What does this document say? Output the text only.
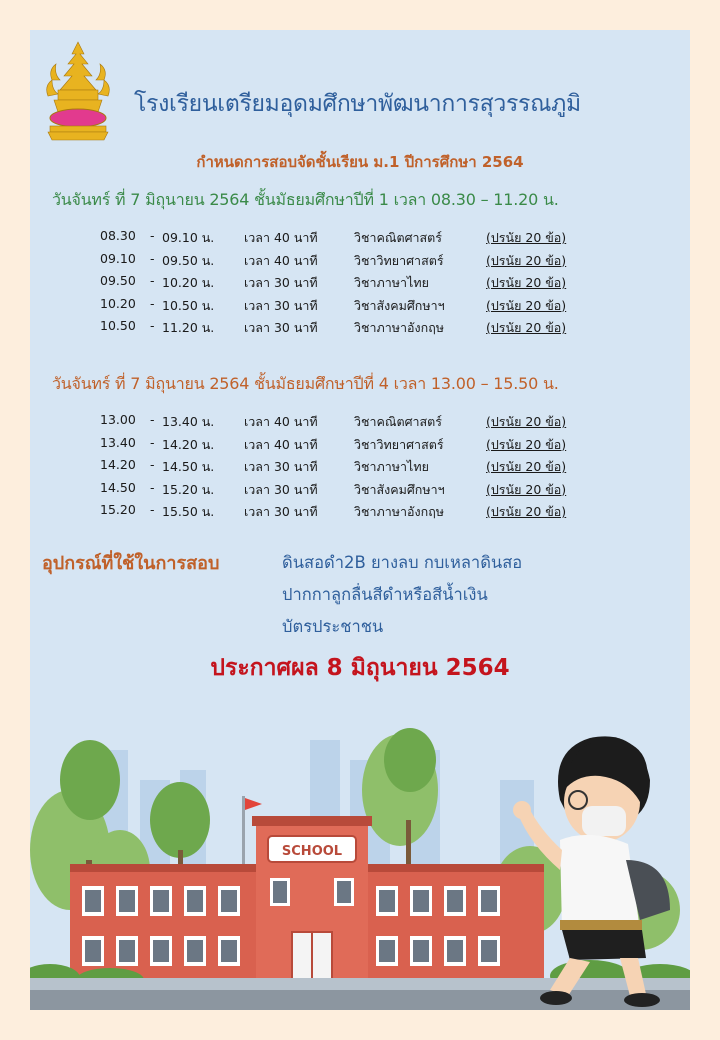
โรงเรียนเตรียมอุดมศึกษาพัฒนาการสุวรรณภูมิ
กำหนดการสอบจัดชั้นเรียน ม.1 ปีการศึกษา 2564
วันจันทร์ ที่ 7 มิถุนายน 2564 ชั้นมัธยมศึกษาปีที่ 1 เวลา 08.30 – 11.20 น.
08.30 - 09.10 น. เวลา 40 นาที	วิชาคณิตศาสตร์	(ปรนัย 20 ข้อ)
09.10 - 09.50 น. เวลา 40 นาที	วิชาวิทยาศาสตร์	(ปรนัย 20 ข้อ)
09.50 - 10.20 น. เวลา 30 นาที	วิชาภาษาไทย	(ปรนัย 20 ข้อ)
10.20 - 10.50 น. เวลา 30 นาที	วิชาสังคมศึกษาฯ	(ปรนัย 20 ข้อ)
10.50 - 11.20 น. เวลา 30 นาที	วิชาภาษาอังกฤษ	(ปรนัย 20 ข้อ)
วันจันทร์ ที่ 7 มิถุนายน 2564 ชั้นมัธยมศึกษาปีที่ 4 เวลา 13.00 – 15.50 น.
13.00 - 13.40 น. เวลา 40 นาที	วิชาคณิตศาสตร์	(ปรนัย 20 ข้อ)
13.40 - 14.20 น. เวลา 40 นาที	วิชาวิทยาศาสตร์	(ปรนัย 20 ข้อ)
14.20 - 14.50 น. เวลา 30 นาที	วิชาภาษาไทย	(ปรนัย 20 ข้อ)
14.50 - 15.20 น. เวลา 30 นาที	วิชาสังคมศึกษาฯ	(ปรนัย 20 ข้อ)
15.20 - 15.50 น. เวลา 30 นาที	วิชาภาษาอังกฤษ	(ปรนัย 20 ข้อ)
อุปกรณ์ที่ใช้ในการสอบ	ดินสอดำ2B ยางลบ กบเหลาดินสอ
ปากกาลูกลื่นสีดำหรือสีน้ำเงิน
บัตรประชาชน
ประกาศผล 8 มิถุนายน 2564
SCHOOL
